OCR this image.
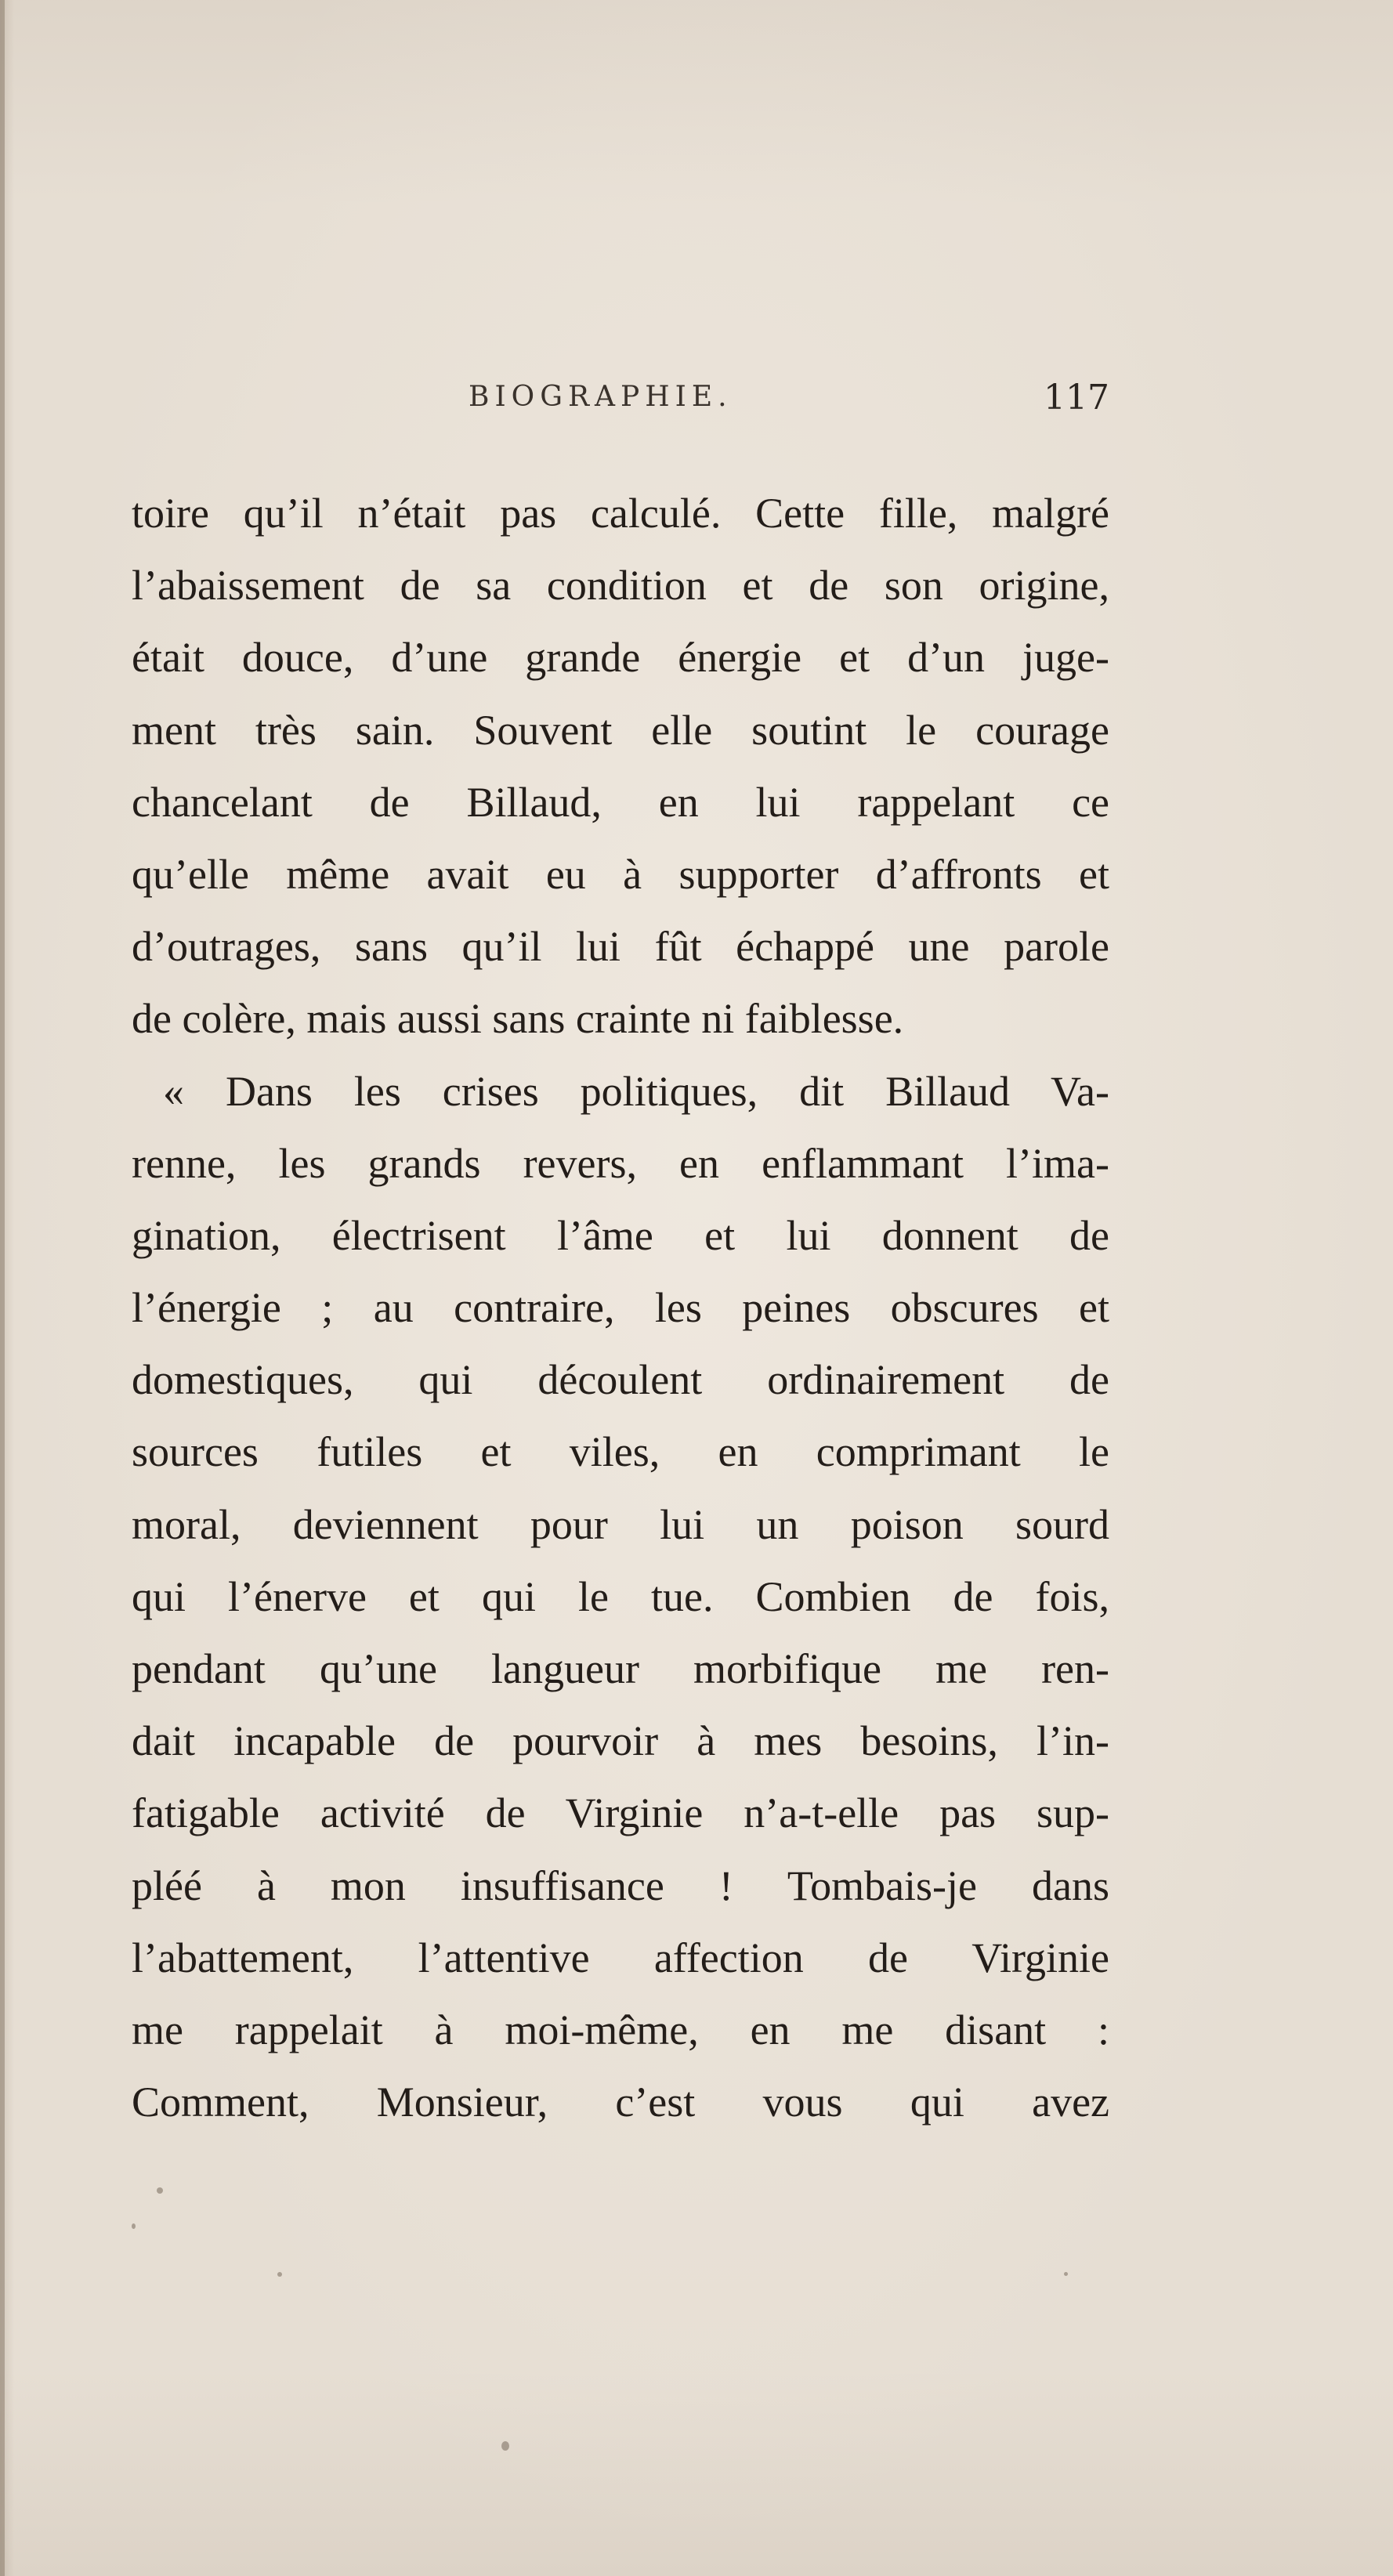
BIOGRAPHIE.	117
toire qu’il n’était pas calculé. Cette fille, malgré
l’abaissement de sa condition et de son origine,
était douce, d’une grande énergie et d’un juge-
ment très sain. Souvent elle soutint le courage
chancelant de Billaud, en lui rappelant ce
qu’elle même avait eu à supporter d’affronts et
d’outrages, sans qu’il lui fût échappé une parole
de colère, mais aussi sans crainte ni faiblesse.
« Dans les crises politiques, dit Billaud Va-
renne, les grands revers, en enflammant l’ima-
gination, électrisent l’âme et lui donnent de
l’énergie ; au contraire, les peines obscures et
domestiques, qui découlent ordinairement de
sources futiles et viles, en comprimant le
moral, deviennent pour lui un poison sourd
qui l’énerve et qui le tue. Combien de fois,
pendant qu’une langueur morbifique me ren-
dait incapable de pourvoir à mes besoins, l’in-
fatigable activité de Virginie n’a-t-elle pas sup-
pléé à mon insuffisance ! Tombais-je dans
l’abattement, l’attentive affection de Virginie
me rappelait à moi-même, en me disant :
Comment, Monsieur, c’est vous qui avez
